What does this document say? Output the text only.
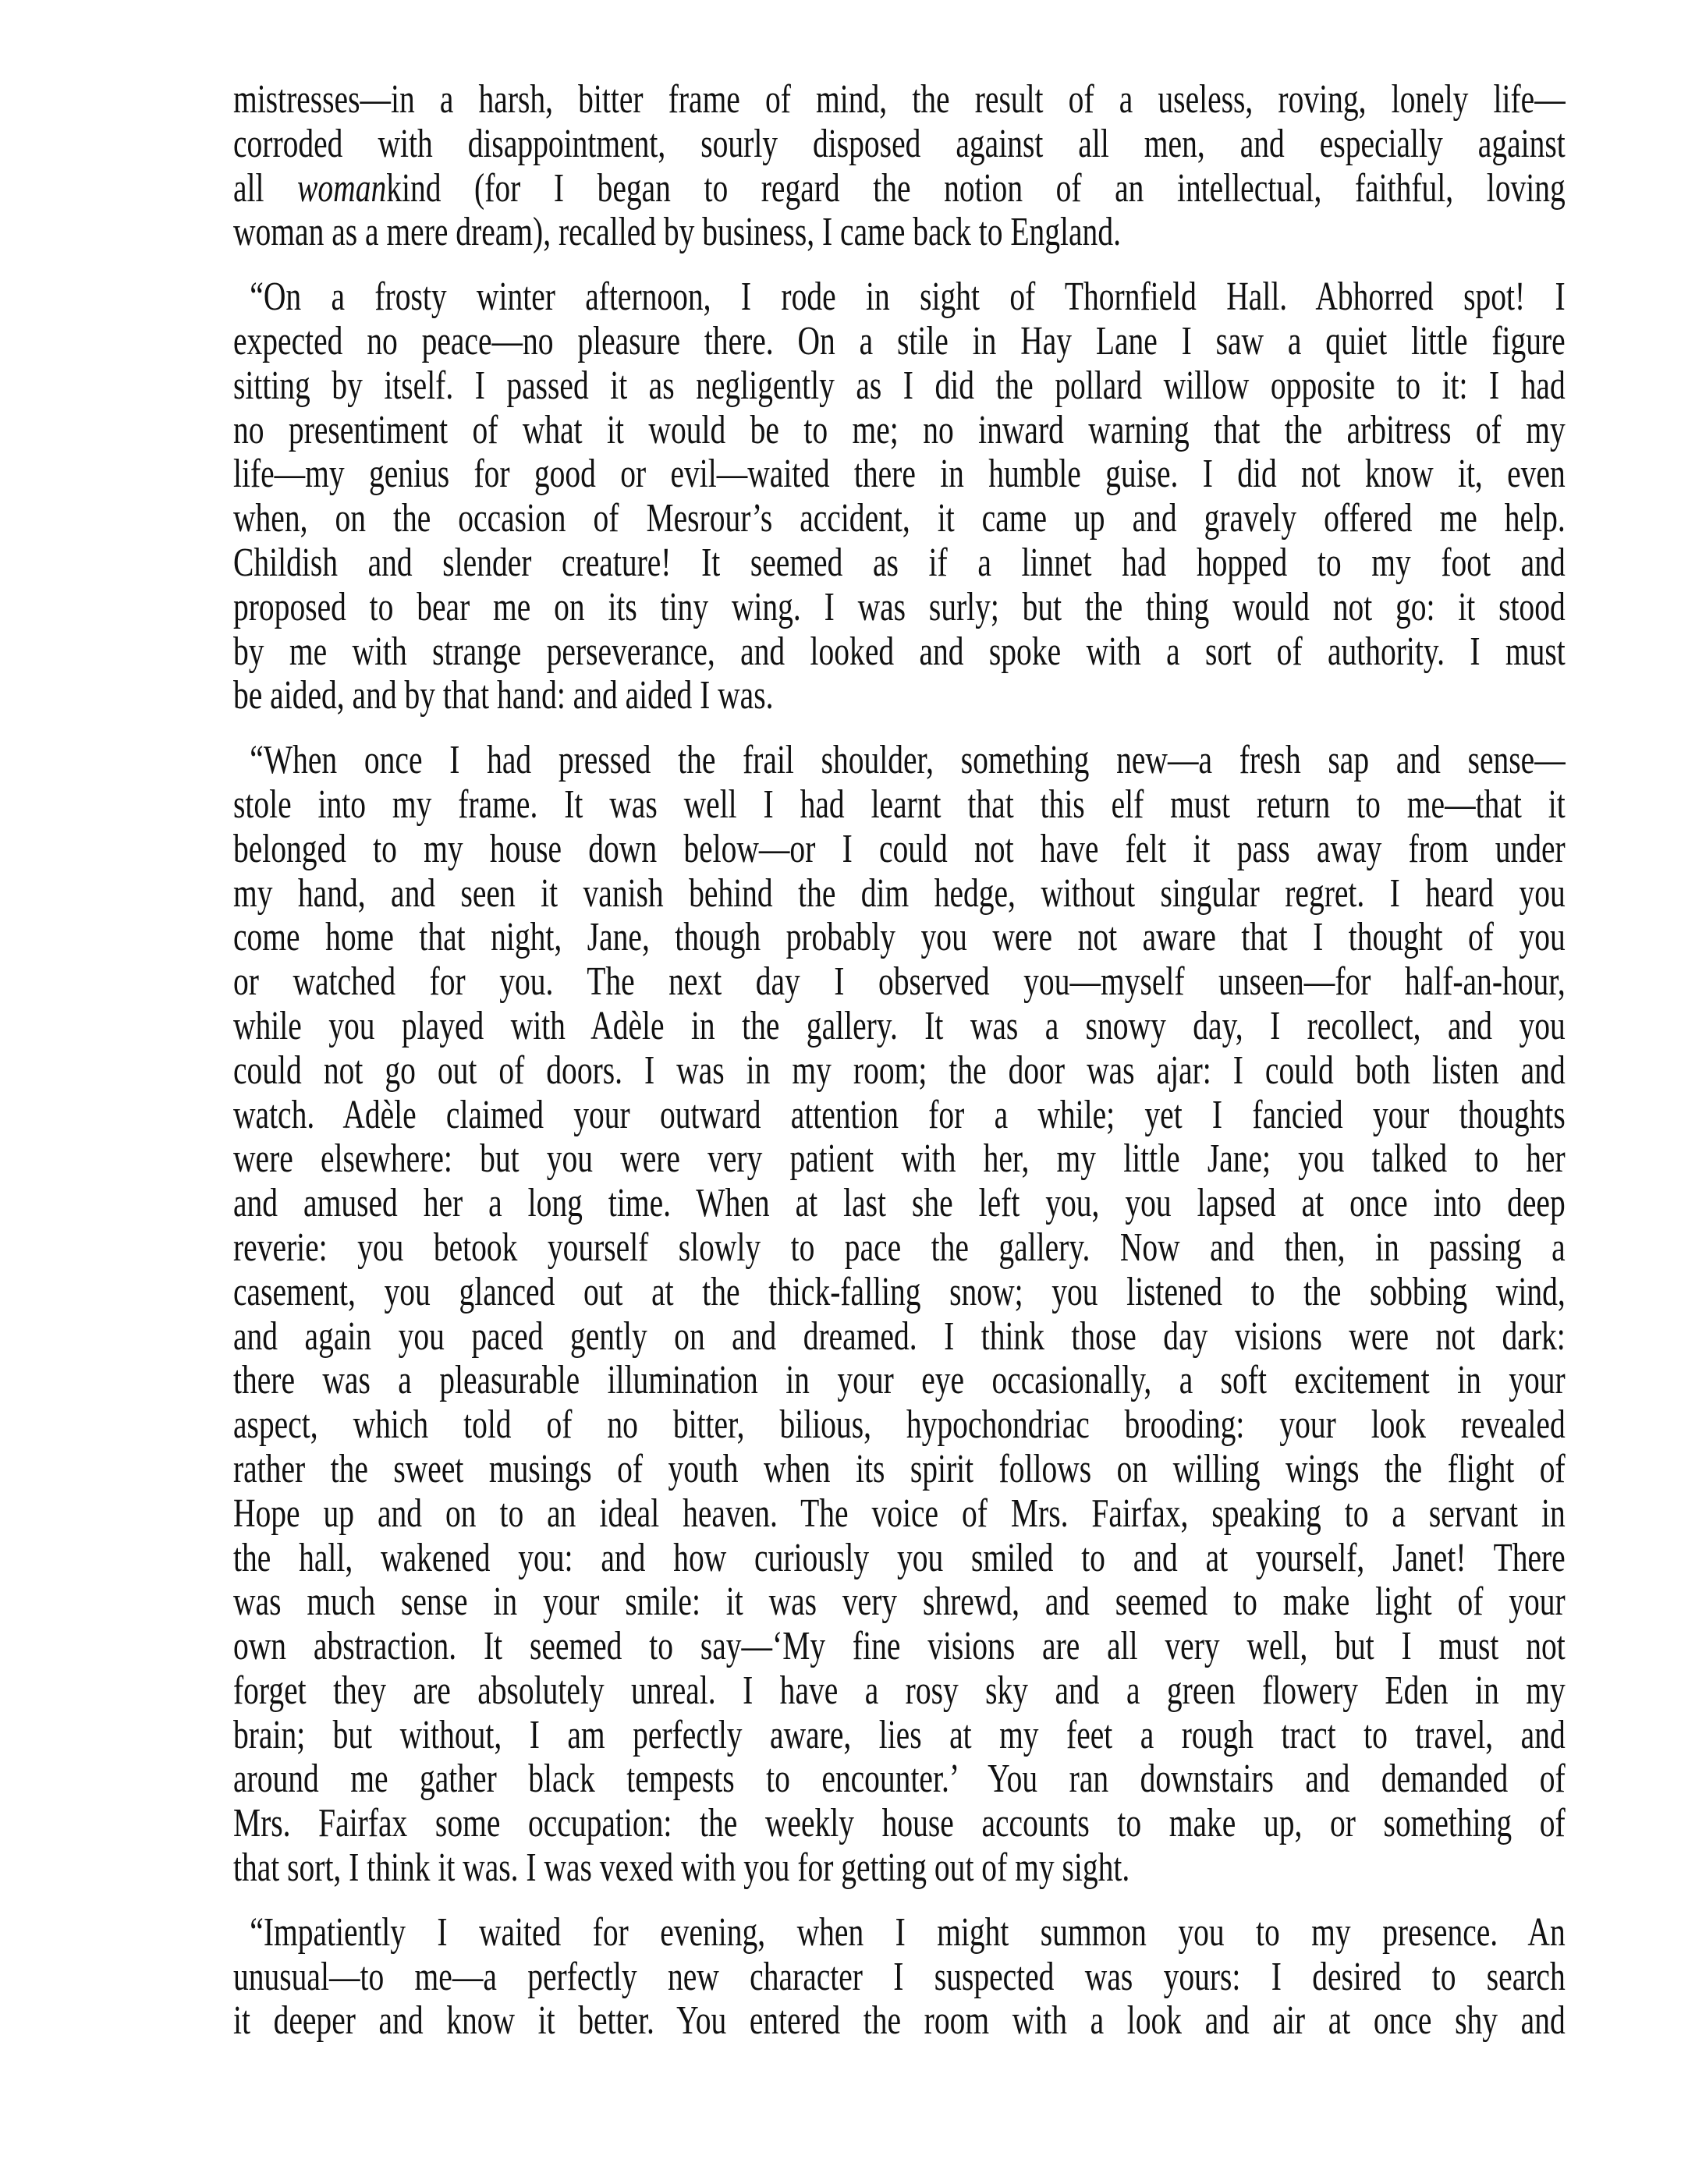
mistresses—in a harsh, bitter frame of mind, the result of a useless, roving, lonely life—
corroded with disappointment, sourly disposed against all men, and especially against
all womankind (for I began to regard the notion of an intellectual, faithful, loving
woman as a mere dream), recalled by business, I came back to England.
“On a frosty winter afternoon, I rode in sight of Thornfield Hall. Abhorred spot! I
expected no peace—no pleasure there. On a stile in Hay Lane I saw a quiet little figure
sitting by itself. I passed it as negligently as I did the pollard willow opposite to it: I had
no presentiment of what it would be to me; no inward warning that the arbitress of my
life—my genius for good or evil—waited there in humble guise. I did not know it, even
when, on the occasion of Mesrour’s accident, it came up and gravely offered me help.
Childish and slender creature! It seemed as if a linnet had hopped to my foot and
proposed to bear me on its tiny wing. I was surly; but the thing would not go: it stood
by me with strange perseverance, and looked and spoke with a sort of authority. I must
be aided, and by that hand: and aided I was.
“When once I had pressed the frail shoulder, something new—a fresh sap and sense—
stole into my frame. It was well I had learnt that this elf must return to me—that it
belonged to my house down below—or I could not have felt it pass away from under
my hand, and seen it vanish behind the dim hedge, without singular regret. I heard you
come home that night, Jane, though probably you were not aware that I thought of you
or watched for you. The next day I observed you—myself unseen—for half-an-hour,
while you played with Adèle in the gallery. It was a snowy day, I recollect, and you
could not go out of doors. I was in my room; the door was ajar: I could both listen and
watch. Adèle claimed your outward attention for a while; yet I fancied your thoughts
were elsewhere: but you were very patient with her, my little Jane; you talked to her
and amused her a long time. When at last she left you, you lapsed at once into deep
reverie: you betook yourself slowly to pace the gallery. Now and then, in passing a
casement, you glanced out at the thick-falling snow; you listened to the sobbing wind,
and again you paced gently on and dreamed. I think those day visions were not dark:
there was a pleasurable illumination in your eye occasionally, a soft excitement in your
aspect, which told of no bitter, bilious, hypochondriac brooding: your look revealed
rather the sweet musings of youth when its spirit follows on willing wings the flight of
Hope up and on to an ideal heaven. The voice of Mrs. Fairfax, speaking to a servant in
the hall, wakened you: and how curiously you smiled to and at yourself, Janet! There
was much sense in your smile: it was very shrewd, and seemed to make light of your
own abstraction. It seemed to say—‘My fine visions are all very well, but I must not
forget they are absolutely unreal. I have a rosy sky and a green flowery Eden in my
brain; but without, I am perfectly aware, lies at my feet a rough tract to travel, and
around me gather black tempests to encounter.’ You ran downstairs and demanded of
Mrs. Fairfax some occupation: the weekly house accounts to make up, or something of
that sort, I think it was. I was vexed with you for getting out of my sight.
“Impatiently I waited for evening, when I might summon you to my presence. An
unusual—to me—a perfectly new character I suspected was yours: I desired to search
it deeper and know it better. You entered the room with a look and air at once shy and
